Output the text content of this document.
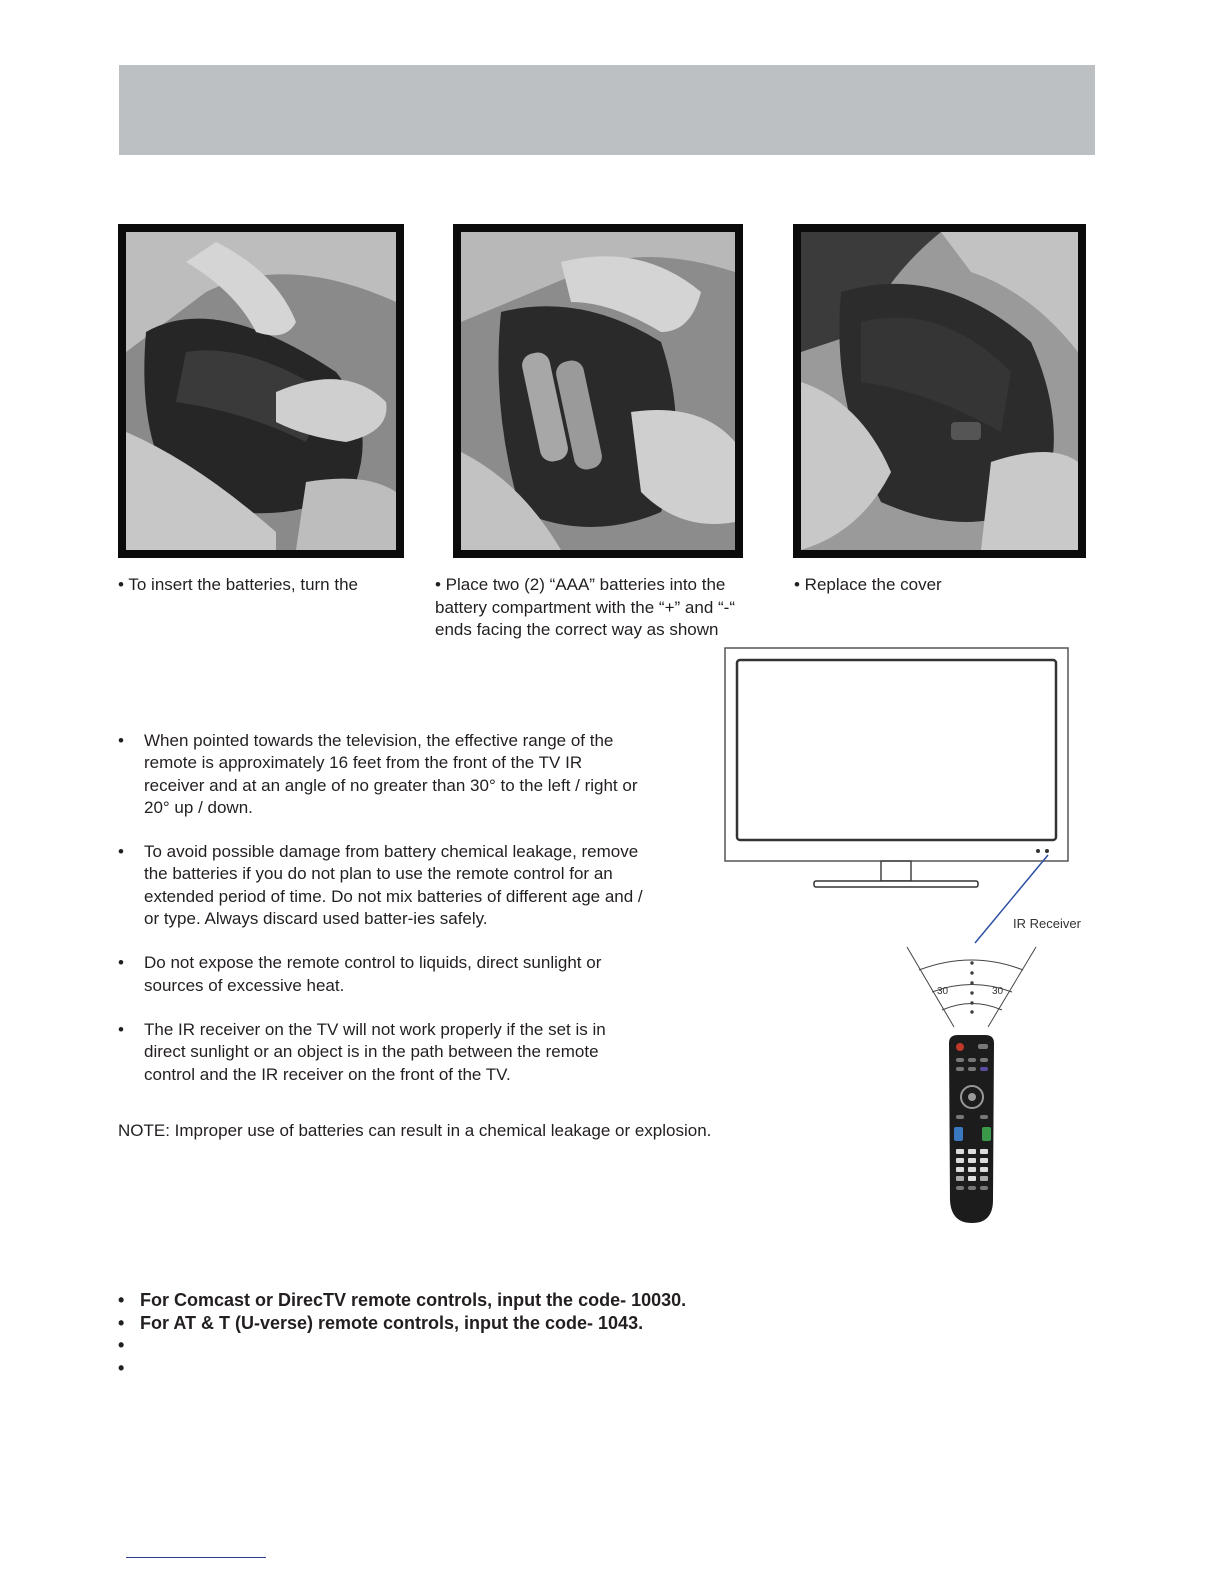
• To insert the batteries, turn the	• Place two (2) “AAA” batteries into the battery compartment with the “+” and “-“ ends facing the correct way as shown
• Replace the cover
• When pointed towards the television, the effective range of the remote is approximately 16 feet from the front of the TV IR receiver and at an angle of no greater than 30° to the left / right or 20° up / down.
• To avoid possible damage from battery chemical leakage, remove the batteries if you do not plan to use the remote control for an extended period of time. Do not mix batteries of different age and / or type. Always discard used batter-ies safely.
• Do not expose the remote control to liquids, direct sunlight or sources of excessive heat.
• The IR receiver on the TV will not work properly if the set is in direct sunlight or an object is in the path between the remote control and the IR receiver on the front of the TV.
NOTE: Improper use of batteries can result in a chemical leakage or explosion.
IR Receiver
30	30
• For Comcast or DirecTV remote controls, input the code- 10030.
• For AT & T (U-verse) remote controls, input the code- 1043.
•
•
